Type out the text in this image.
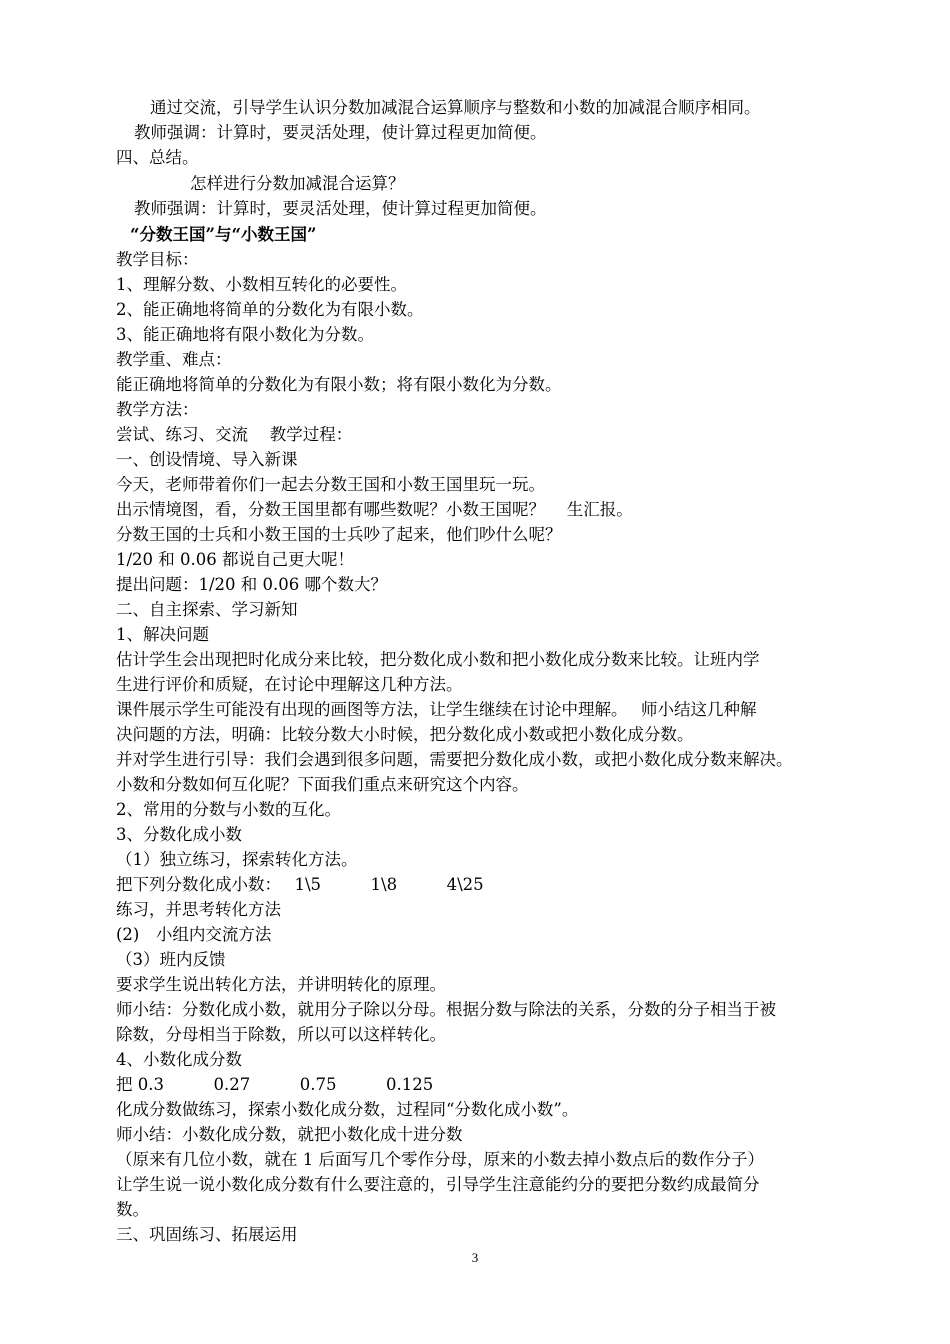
通过交流，引导学生认识分数加减混合运算顺序与整数和小数的加减混合顺序相同。
教师强调：计算时，要灵活处理，使计算过程更加简便。
四、总结。
怎样进行分数加减混合运算？
教师强调：计算时，要灵活处理，使计算过程更加简便。
“分数王国”与“小数王国”
教学目标：
1、理解分数、小数相互转化的必要性。
2、能正确地将简单的分数化为有限小数。
3、能正确地将有限小数化为分数。
教学重、难点：
能正确地将简单的分数化为有限小数；将有限小数化为分数。
教学方法：
尝试、练习、交流　 教学过程：
一、创设情境、导入新课
今天，老师带着你们一起去分数王国和小数王国里玩一玩。
出示情境图，看，分数王国里都有哪些数呢？小数王国呢？　 生汇报。
分数王国的士兵和小数王国的士兵吵了起来，他们吵什么呢？
1/20 和 0.06 都说自己更大呢！
提出问题：1/20 和 0.06 哪个数大？
二、自主探索、学习新知
1、解决问题
估计学生会出现把时化成分来比较，把分数化成小数和把小数化成分数来比较。让班内学
生进行评价和质疑，在讨论中理解这几种方法。
课件展示学生可能没有出现的画图等方法，让学生继续在讨论中理解。　 师小结这几种解
决问题的方法，明确：比较分数大小时候，把分数化成小数或把小数化成分数。
并对学生进行引导：我们会遇到很多问题，需要把分数化成小数，或把小数化成分数来解决。
小数和分数如何互化呢？下面我们重点来研究这个内容。
2、常用的分数与小数的互化。
3、分数化成小数
（1）独立练习，探索转化方法。
把下列分数化成小数：　 1\5　　　1\8　　　4\25
练习，并思考转化方法
(2)　小组内交流方法
（3）班内反馈
要求学生说出转化方法，并讲明转化的原理。
师小结：分数化成小数，就用分子除以分母。根据分数与除法的关系，分数的分子相当于被
除数，分母相当于除数，所以可以这样转化。
4、小数化成分数
把 0.3　　　0.27　　　0.75　　　0.125
化成分数做练习，探索小数化成分数，过程同“分数化成小数”。
师小结：小数化成分数，就把小数化成十进分数
（原来有几位小数，就在 1 后面写几个零作分母，原来的小数去掉小数点后的数作分子）
让学生说一说小数化成分数有什么要注意的，引导学生注意能约分的要把分数约成最简分
数。
三、巩固练习、拓展运用
3
